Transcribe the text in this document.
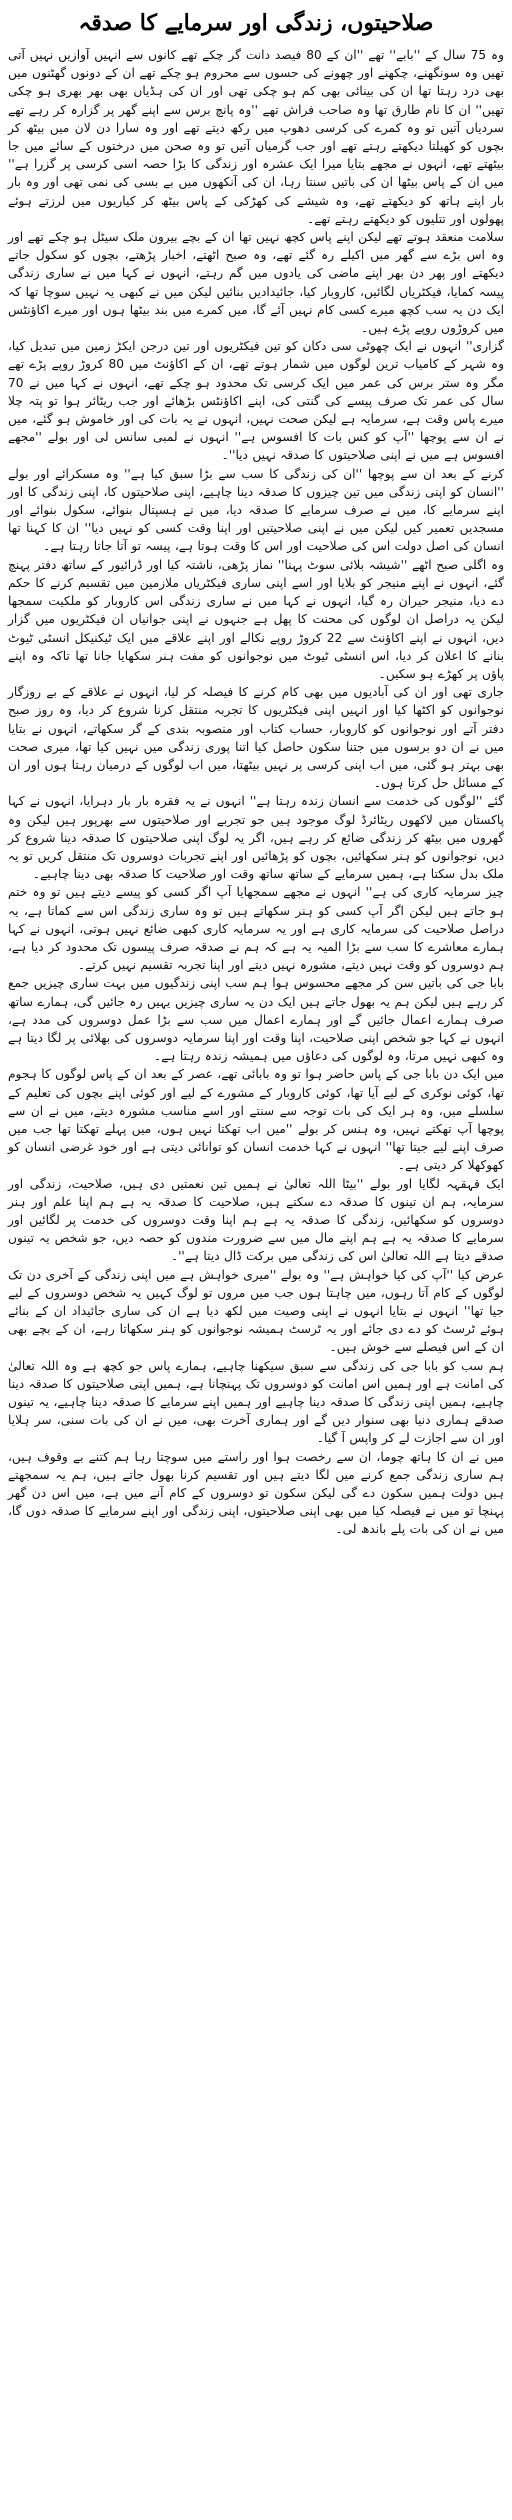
صلاحیتوں، زندگی اور سرمایے کا صدقہ

وہ 75 سال کے ''بابے'' تھے ''ان کے 80 فیصد دانت گر چکے تھے کانوں سے انہیں آوازیں نہیں آتی تھیں وہ سونگھنے، چکھنے اور چھونے کی حسوں سے محروم ہو چکے تھے ان کے دونوں گھٹنوں میں بھی درد رہتا تھا ان کی بینائی بھی کم ہو چکی تھی اور ان کی ہڈیاں بھی بھر بھری ہو چکی تھیں'' ان کا نام طارق تھا وہ صاحب فراش تھے ''وہ پانچ برس سے اپنے گھر پر گزارہ کر رہے تھے سردیاں آتیں تو وہ کمرے کی کرسی دھوپ میں رکھ دیتے تھے اور وہ سارا دن لان میں بیٹھ کر بچوں کو کھیلتا دیکھتے رہتے تھے اور جب گرمیاں آتیں تو وہ صحن میں درختوں کے سائے میں جا بیٹھتے تھے، انہوں نے مجھے بتایا میرا ایک عشرہ اور زندگی کا بڑا حصہ اسی کرسی پر گزرا ہے'' میں ان کے پاس بیٹھا ان کی باتیں سنتا رہا، ان کی آنکھوں میں بے بسی کی نمی تھی اور وہ بار بار اپنے ہاتھ کو دیکھتے تھے، وہ شیشے کی کھڑکی کے پاس بیٹھ کر کیاریوں میں لرزتے ہوئے پھولوں اور تتلیوں کو دیکھتے رہتے تھے۔

سلامت منعقد ہوتے تھے لیکن اپنے پاس کچھ نہیں تھا ان کے بچے بیرون ملک سیٹل ہو چکے تھے اور وہ اس بڑے سے گھر میں اکیلے رہ گئے تھے، وہ صبح اٹھتے، اخبار پڑھتے، بچوں کو سکول جاتے دیکھتے اور پھر دن بھر اپنے ماضی کی یادوں میں گم رہتے، انہوں نے کہا میں نے ساری زندگی پیسہ کمایا، فیکٹریاں لگائیں، کاروبار کیا، جائیدادیں بنائیں لیکن میں نے کبھی یہ نہیں سوچا تھا کہ ایک دن یہ سب کچھ میرے کسی کام نہیں آئے گا، میں کمرے میں بند بیٹھا ہوں اور میرے اکاؤنٹس میں کروڑوں روپے پڑے ہیں۔

گزاری'' انہوں نے ایک چھوٹی سی دکان کو تین فیکٹریوں اور تین درجن ایکڑ زمین میں تبدیل کیا، وہ شہر کے کامیاب ترین لوگوں میں شمار ہوتے تھے، ان کے اکاؤنٹ میں 80 کروڑ روپے پڑے تھے مگر وہ ستر برس کی عمر میں ایک کرسی تک محدود ہو چکے تھے، انہوں نے کہا میں نے 70 سال کی عمر تک صرف پیسے کی گنتی کی، اپنے اکاؤنٹس بڑھائے اور جب ریٹائر ہوا تو پتہ چلا میرے پاس وقت ہے، سرمایہ ہے لیکن صحت نہیں، انہوں نے یہ بات کی اور خاموش ہو گئے، میں نے ان سے پوچھا ''آپ کو کس بات کا افسوس ہے'' انہوں نے لمبی سانس لی اور بولے ''مجھے افسوس ہے میں نے اپنی صلاحیتوں کا صدقہ نہیں دیا''۔

کرنے کے بعد ان سے پوچھا ''ان کی زندگی کا سب سے بڑا سبق کیا ہے'' وہ مسکرائے اور بولے ''انسان کو اپنی زندگی میں تین چیزوں کا صدقہ دینا چاہیے، اپنی صلاحیتوں کا، اپنی زندگی کا اور اپنے سرمایے کا، میں نے صرف سرمایے کا صدقہ دیا، میں نے ہسپتال بنوائے، سکول بنوائے اور مسجدیں تعمیر کیں لیکن میں نے اپنی صلاحیتیں اور اپنا وقت کسی کو نہیں دیا'' ان کا کہنا تھا انسان کی اصل دولت اس کی صلاحیت اور اس کا وقت ہوتا ہے، پیسہ تو آتا جاتا رہتا ہے۔

وہ اگلی صبح اٹھے ''شیشہ بلائی سوٹ پہنا'' نماز پڑھی، ناشتہ کیا اور ڈرائیور کے ساتھ دفتر پہنچ گئے، انہوں نے اپنے منیجر کو بلایا اور اسے اپنی ساری فیکٹریاں ملازمین میں تقسیم کرنے کا حکم دے دیا، منیجر حیران رہ گیا، انہوں نے کہا میں نے ساری زندگی اس کاروبار کو ملکیت سمجھا لیکن یہ دراصل ان لوگوں کی محنت کا پھل ہے جنہوں نے اپنی جوانیاں ان فیکٹریوں میں گزار دیں، انہوں نے اپنے اکاؤنٹ سے 22 کروڑ روپے نکالے اور اپنے علاقے میں ایک ٹیکنیکل انسٹی ٹیوٹ بنانے کا اعلان کر دیا، اس انسٹی ٹیوٹ میں نوجوانوں کو مفت ہنر سکھایا جانا تھا تاکہ وہ اپنے پاؤں پر کھڑے ہو سکیں۔

جاری تھی اور ان کی آبادیوں میں بھی کام کرنے کا فیصلہ کر لیا، انہوں نے علاقے کے بے روزگار نوجوانوں کو اکٹھا کیا اور انہیں اپنی فیکٹریوں کا تجربہ منتقل کرنا شروع کر دیا، وہ روز صبح دفتر آتے اور نوجوانوں کو کاروبار، حساب کتاب اور منصوبہ بندی کے گر سکھاتے، انہوں نے بتایا میں نے ان دو برسوں میں جتنا سکون حاصل کیا اتنا پوری زندگی میں نہیں کیا تھا، میری صحت بھی بہتر ہو گئی، میں اب اپنی کرسی پر نہیں بیٹھتا، میں اب لوگوں کے درمیان رہتا ہوں اور ان کے مسائل حل کرتا ہوں۔

گئے ''لوگوں کی خدمت سے انسان زندہ رہتا ہے'' انہوں نے یہ فقرہ بار بار دہرایا، انہوں نے کہا پاکستان میں لاکھوں ریٹائرڈ لوگ موجود ہیں جو تجربے اور صلاحیتوں سے بھرپور ہیں لیکن وہ گھروں میں بیٹھ کر زندگی ضائع کر رہے ہیں، اگر یہ لوگ اپنی صلاحیتوں کا صدقہ دینا شروع کر دیں، نوجوانوں کو ہنر سکھائیں، بچوں کو پڑھائیں اور اپنے تجربات دوسروں تک منتقل کریں تو یہ ملک بدل سکتا ہے، ہمیں سرمایے کے ساتھ ساتھ وقت اور صلاحیت کا صدقہ بھی دینا چاہیے۔

چیز سرمایہ کاری کی ہے'' انہوں نے مجھے سمجھایا آپ اگر کسی کو پیسے دیتے ہیں تو وہ ختم ہو جاتے ہیں لیکن اگر آپ کسی کو ہنر سکھاتے ہیں تو وہ ساری زندگی اس سے کماتا ہے، یہ دراصل صلاحیت کی سرمایہ کاری ہے اور یہ سرمایہ کاری کبھی ضائع نہیں ہوتی، انہوں نے کہا ہمارے معاشرے کا سب سے بڑا المیہ یہ ہے کہ ہم نے صدقہ صرف پیسوں تک محدود کر دیا ہے، ہم دوسروں کو وقت نہیں دیتے، مشورہ نہیں دیتے اور اپنا تجربہ تقسیم نہیں کرتے۔

بابا جی کی باتیں سن کر مجھے محسوس ہوا ہم سب اپنی زندگیوں میں بہت ساری چیزیں جمع کر رہے ہیں لیکن ہم یہ بھول جاتے ہیں ایک دن یہ ساری چیزیں یہیں رہ جائیں گی، ہمارے ساتھ صرف ہمارے اعمال جائیں گے اور ہمارے اعمال میں سب سے بڑا عمل دوسروں کی مدد ہے، انہوں نے کہا جو شخص اپنی صلاحیت، اپنا وقت اور اپنا سرمایہ دوسروں کی بھلائی پر لگا دیتا ہے وہ کبھی نہیں مرتا، وہ لوگوں کی دعاؤں میں ہمیشہ زندہ رہتا ہے۔

میں ایک دن بابا جی کے پاس حاضر ہوا تو وہ بابائی تھے، عصر کے بعد ان کے پاس لوگوں کا ہجوم تھا، کوئی نوکری کے لیے آیا تھا، کوئی کاروبار کے مشورے کے لیے اور کوئی اپنے بچوں کی تعلیم کے سلسلے میں، وہ ہر ایک کی بات توجہ سے سنتے اور اسے مناسب مشورہ دیتے، میں نے ان سے پوچھا آپ تھکتے نہیں، وہ ہنس کر بولے ''میں اب تھکتا نہیں ہوں، میں پہلے تھکتا تھا جب میں صرف اپنے لیے جیتا تھا'' انہوں نے کہا خدمت انسان کو توانائی دیتی ہے اور خود غرضی انسان کو کھوکھلا کر دیتی ہے۔

ایک قہقہہ لگایا اور بولے ''بیٹا اللہ تعالیٰ نے ہمیں تین نعمتیں دی ہیں، صلاحیت، زندگی اور سرمایہ، ہم ان تینوں کا صدقہ دے سکتے ہیں، صلاحیت کا صدقہ یہ ہے ہم اپنا علم اور ہنر دوسروں کو سکھائیں، زندگی کا صدقہ یہ ہے ہم اپنا وقت دوسروں کی خدمت پر لگائیں اور سرمایے کا صدقہ یہ ہے ہم اپنے مال میں سے ضرورت مندوں کو حصہ دیں، جو شخص یہ تینوں صدقے دیتا ہے اللہ تعالیٰ اس کی زندگی میں برکت ڈال دیتا ہے''۔

عرض کیا ''آپ کی کیا خواہش ہے'' وہ بولے ''میری خواہش ہے میں اپنی زندگی کے آخری دن تک لوگوں کے کام آتا رہوں، میں چاہتا ہوں جب میں مروں تو لوگ کہیں یہ شخص دوسروں کے لیے جیا تھا'' انہوں نے بتایا انہوں نے اپنی وصیت میں لکھ دیا ہے ان کی ساری جائیداد ان کے بنائے ہوئے ٹرسٹ کو دے دی جائے اور یہ ٹرسٹ ہمیشہ نوجوانوں کو ہنر سکھاتا رہے، ان کے بچے بھی ان کے اس فیصلے سے خوش ہیں۔

ہم سب کو بابا جی کی زندگی سے سبق سیکھنا چاہیے، ہمارے پاس جو کچھ ہے وہ اللہ تعالیٰ کی امانت ہے اور ہمیں اس امانت کو دوسروں تک پہنچانا ہے، ہمیں اپنی صلاحیتوں کا صدقہ دینا چاہیے، ہمیں اپنی زندگی کا صدقہ دینا چاہیے اور ہمیں اپنے سرمایے کا صدقہ دینا چاہیے، یہ تینوں صدقے ہماری دنیا بھی سنوار دیں گے اور ہماری آخرت بھی، میں نے ان کی بات سنی، سر ہلایا اور ان سے اجازت لے کر واپس آ گیا۔

میں نے ان کا ہاتھ چوما، ان سے رخصت ہوا اور راستے میں سوچتا رہا ہم کتنے بے وقوف ہیں، ہم ساری زندگی جمع کرنے میں لگا دیتے ہیں اور تقسیم کرنا بھول جاتے ہیں، ہم یہ سمجھتے ہیں دولت ہمیں سکون دے گی لیکن سکون تو دوسروں کے کام آنے میں ہے، میں اس دن گھر پہنچا تو میں نے فیصلہ کیا میں بھی اپنی صلاحیتوں، اپنی زندگی اور اپنے سرمایے کا صدقہ دوں گا، میں نے ان کی بات پلے باندھ لی۔
